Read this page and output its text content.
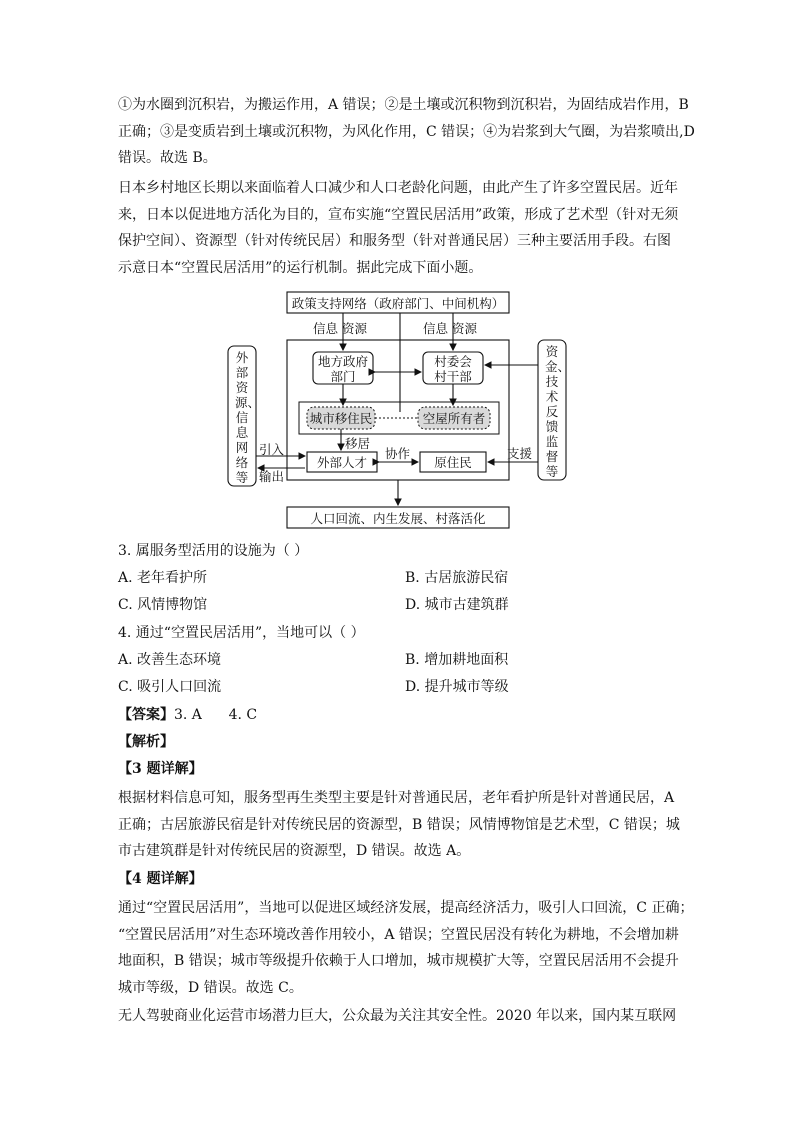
①为水圈到沉积岩，为搬运作用，A 错误；②是土壤或沉积物到沉积岩，为固结成岩作用，B
正确；③是变质岩到土壤或沉积物，为风化作用，C 错误；④为岩浆到大气圈，为岩浆喷出,D
错误。故选 B。

日本乡村地区长期以来面临着人口减少和人口老龄化问题，由此产生了许多空置民居。近年
来，日本以促进地方活化为目的，宣布实施“空置民居活用”政策，形成了艺术型（针对无须
保护空间）、资源型（针对传统民居）和服务型（针对普通民居）三种主要活用手段。右图
示意日本“空置民居活用”的运行机制。据此完成下面小题。

政策支持网络（政府部门、中间机构）
信息 资源	信息 资源
地方政府
部门
村委会
村干部
城市移住民	空屋所有者
移居
协作	支援
外部人才	原住民
引入
输出
外部资源、信息网络等
资金、技术反馈监督等
人口回流、内生发展、村落活化
3. 属服务型活用的设施为（ ）
A. 老年看护所	B. 古居旅游民宿
C. 风情博物馆	D. 城市古建筑群
4. 通过“空置民居活用”，当地可以（ ）
A. 改善生态环境	B. 增加耕地面积
C. 吸引人口回流	D. 提升城市等级
【答案】3. A      4. C
【解析】
【3 题详解】

根据材料信息可知，服务型再生类型主要是针对普通民居，老年看护所是针对普通民居，A
正确；古居旅游民宿是针对传统民居的资源型，B 错误；风情博物馆是艺术型，C 错误；城
市古建筑群是针对传统民居的资源型，D 错误。故选 A。

【4 题详解】

通过“空置民居活用”，当地可以促进区域经济发展，提高经济活力，吸引人口回流，C 正确；
“空置民居活用”对生态环境改善作用较小，A 错误；空置民居没有转化为耕地，不会增加耕
地面积，B 错误；城市等级提升依赖于人口增加，城市规模扩大等，空置民居活用不会提升
城市等级，D 错误。故选 C。

无人驾驶商业化运营市场潜力巨大，公众最为关注其安全性。2020 年以来，国内某互联网
